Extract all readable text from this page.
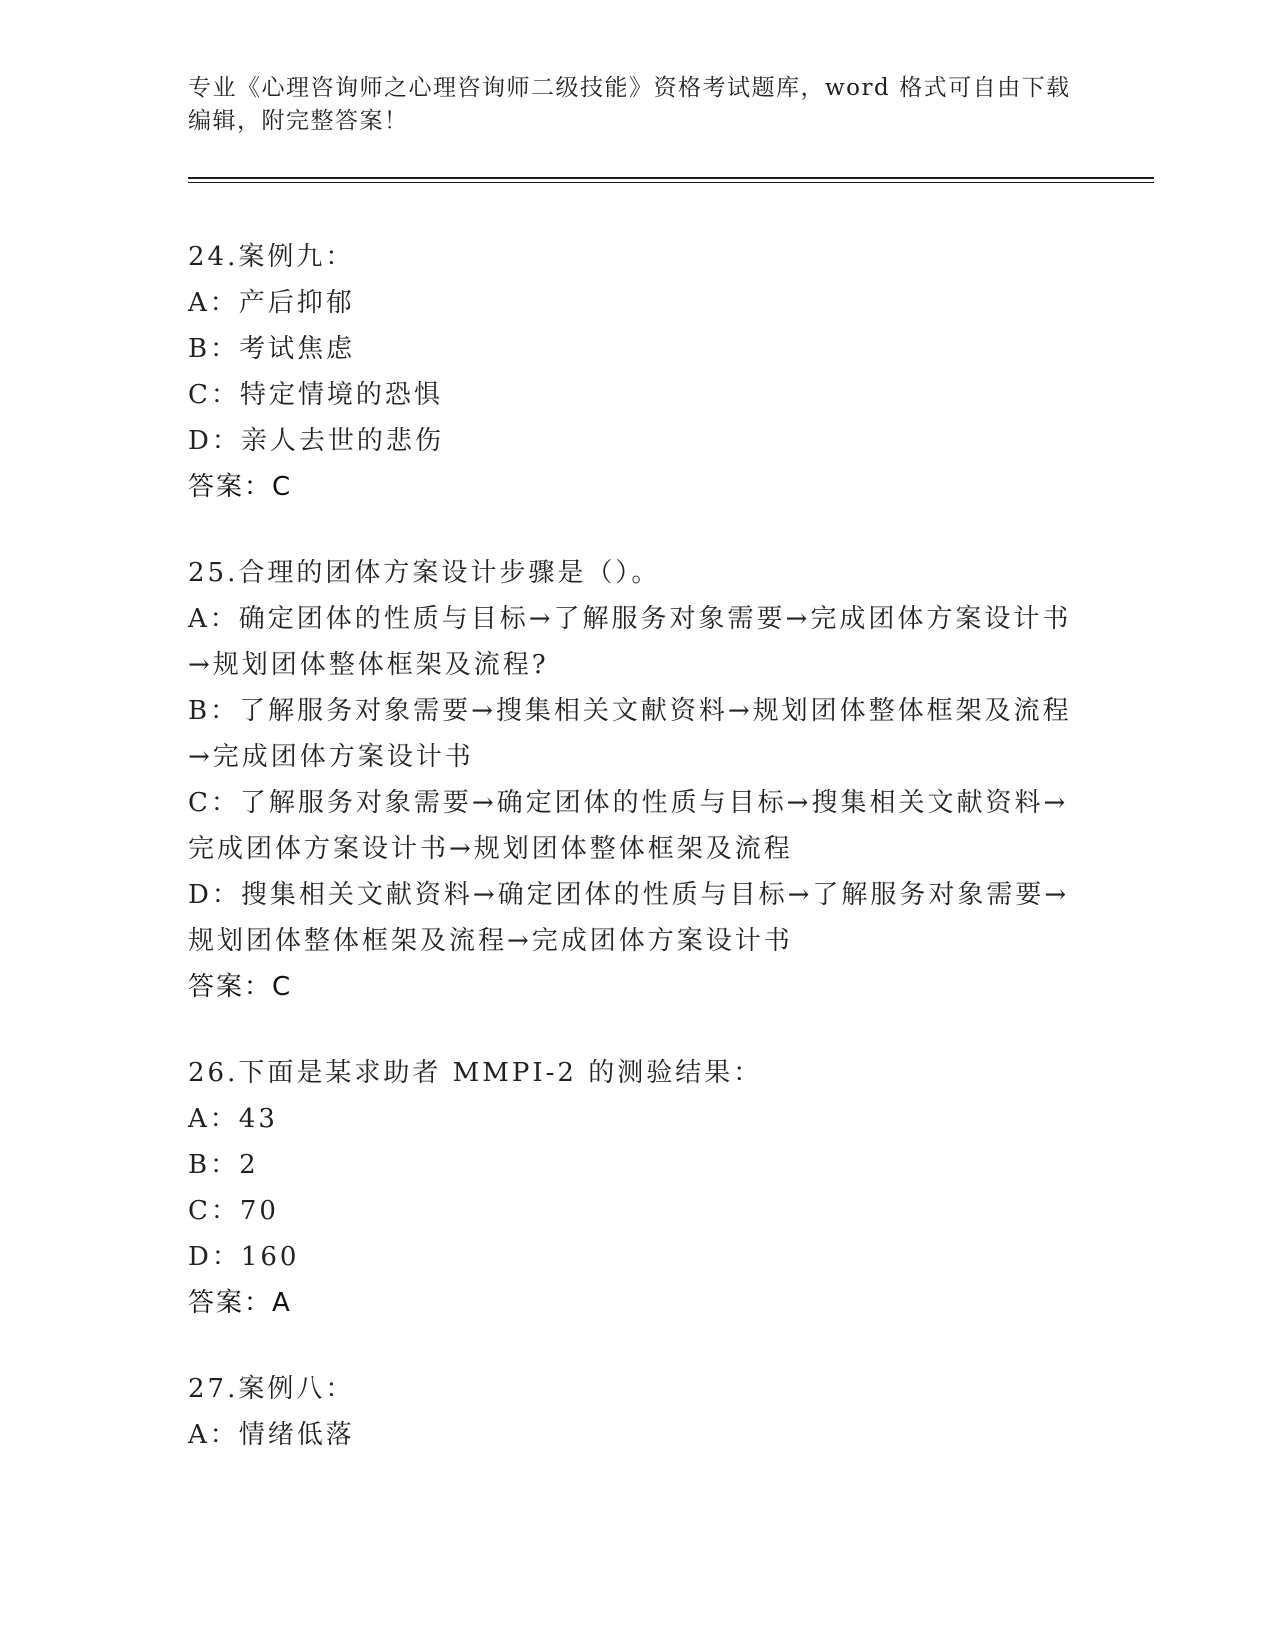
专业《心理咨询师之心理咨询师二级技能》资格考试题库，word 格式可自由下载
编辑，附完整答案！
24.案例九：
A：产后抑郁
B：考试焦虑
C：特定情境的恐惧
D：亲人去世的悲伤
答案：C
25.合理的团体方案设计步骤是（）。
A：确定团体的性质与目标→了解服务对象需要→完成团体方案设计书
→规划团体整体框架及流程?
B：了解服务对象需要→搜集相关文献资料→规划团体整体框架及流程
→完成团体方案设计书
C：了解服务对象需要→确定团体的性质与目标→搜集相关文献资料→
完成团体方案设计书→规划团体整体框架及流程
D：搜集相关文献资料→确定团体的性质与目标→了解服务对象需要→
规划团体整体框架及流程→完成团体方案设计书
答案：C
26.下面是某求助者 MMPI-2 的测验结果：
A：43
B：2
C：70
D：160
答案：A
27.案例八：
A：情绪低落
